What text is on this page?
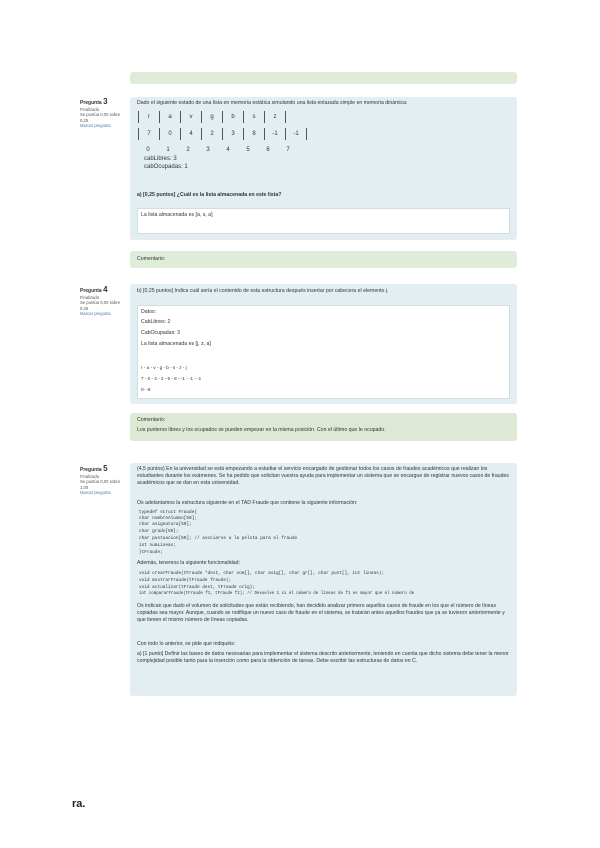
Pregunta 3
Finalizado
Se puntúa 0,00 sobre 0,25
Marcar pregunta
Dado el siguiente estado de una lista en memoria estática simulando una lista enlazada simple en memoria dinámica:
r	a	v	g	b	s	z	

7	0	4	2	3	8	-1	-1
0	1	2	3	4	5	6	7
cabLibres: 3
cabOcupadas: 1
a) [0,25 puntos] ¿Cuál es la lista almacenada en este lista?
La lista almacenada es [a, s, a]
Comentario:
Pregunta 4
Finalizado
Se puntúa 0,00 sobre 0,25
Marcar pregunta
b) [0,25 puntos] Indica cuál sería el contenido de esta estructura después insertar por cabecera el elemento j.
Datos:
CabLibres: 2
CabOcupadas: 3
La lista almacenada es [j, z, a]
r - a - v - g - b - s - z - j
7 - 0 - 4 - 2 - 5 - 8 - -1 - -1 - -1
0- -8
Comentario:
Los punteros libres y los ocupados se pueden empezar en la misma posición. Con el último que le ocupado.
Pregunta 5
Finalizado
Se puntúa 0,00 sobre 1,00
Marcar pregunta
(4,5 puntos) En la universidad se está empezando a estudiar el servicio encargado de gestionar todos los casos de fraudes académicos que realizan los estudiantes durante los exámenes. Se ha pedido que solicitan vuestra ayuda para implementar un sistema que se encargue de registrar nuevos casos de fraudes académicos que se dan en esta universidad.
Os adelantamos la estructura siguiente en el TAD Fraude que contiene la siguiente información:
typedef struct Fraude{
char nombreAlumno[50];
char asignatura[50];
char grado[50];
char puntuacion[50]; // asociarse a la pelota para el fraude
int numLineas;
}tFraude;
Además, tenemos la siguiente funcionalidad:
void crearFraude(tFraude *dest, char nom[], char asig[], char gr[], char punt[], int lineas);
void mostrarFraude(tFraude fraude);
void actualizar(tFraude dest, tFraude orig);
int compararFraude(tFraude f1, tFraude f2); // Devuelve 1 si el número de líneas de f1 es mayor que el número de
Os indican que dado el volumen de solicitudes que están recibiendo, han decidido analizar primero aquellos casos de fraude en los que el número de líneas copiadas sea mayor. Aunque, cuando se notifique un nuevo caso de fraude en el sistema, se tratarán antes aquellos fraudes que ya se tuvieron anteriormente y que tienen el mismo número de líneas copiadas.
Con todo lo anterior, se pide que indiquéis:
a) [1 punto] Definir las bases de datos necesarias para implementar el sistema descrito anteriormente, teniendo en cuenta que dicho sistema debe tener la menor complejidad posible tanto para la inserción como para la obtención de tareas. Debe escribir las estructuras de datos en C.
ra.
